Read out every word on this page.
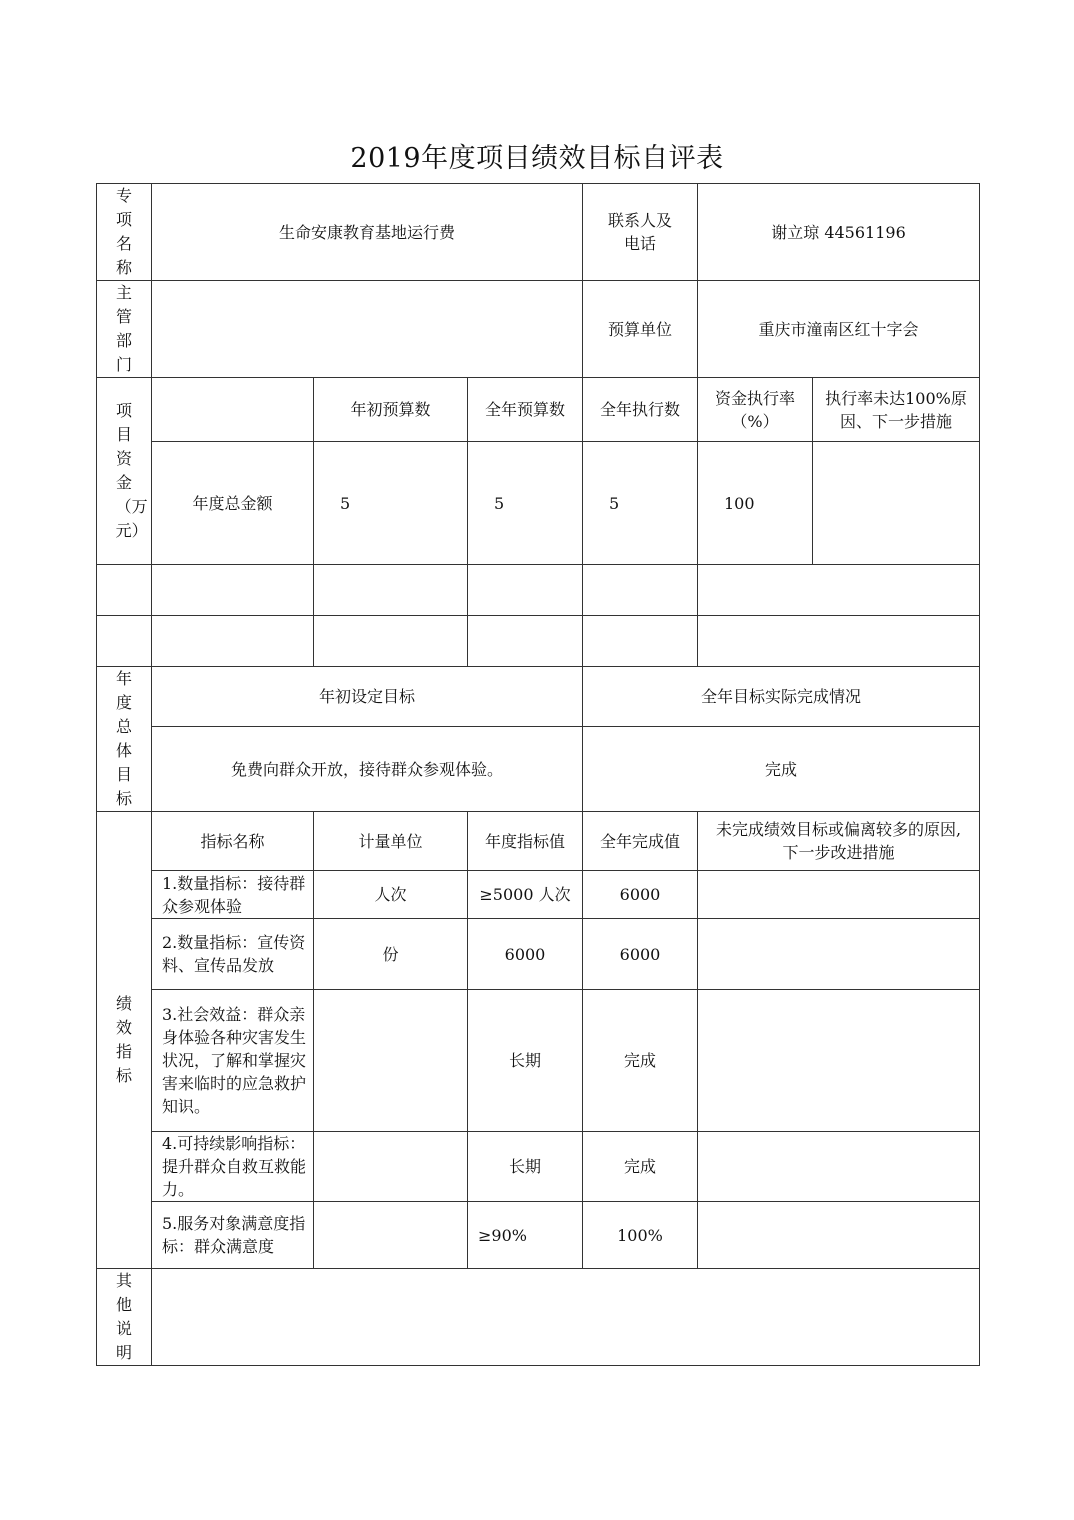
2019年度项目绩效目标自评表
专项名称	生命安康教育基地运行费			联系人及电话	谢立琼 44561196	

主管部门				预算单位	重庆市潼南区红十字会	

项目资金（万元）		年初预算数	全年预算数	全年执行数	资金执行率（%）	执行率未达100%原因、下一步措施
	年度总金额	5	5	5	100	

年度总体目标	年初设定目标			全年目标实际完成情况		
	免费向群众开放，接待群众参观体验。			完成		

绩效指标	指标名称	计量单位	年度指标值	全年完成值	未完成绩效目标或偏离较多的原因,下一步改进措施	
	1.数量指标：接待群众参观体验	人次	≥5000 人次	6000		
	2.数量指标：宣传资料、宣传品发放	份	6000	6000		
	3.社会效益：群众亲身体验各种灾害发生状况，了解和掌握灾害来临时的应急救护知识。		长期	完成		
	4.可持续影响指标：提升群众自救互救能力。		长期	完成		
	5.服务对象满意度指标：群众满意度		≥90%	100%		

其他说明						
